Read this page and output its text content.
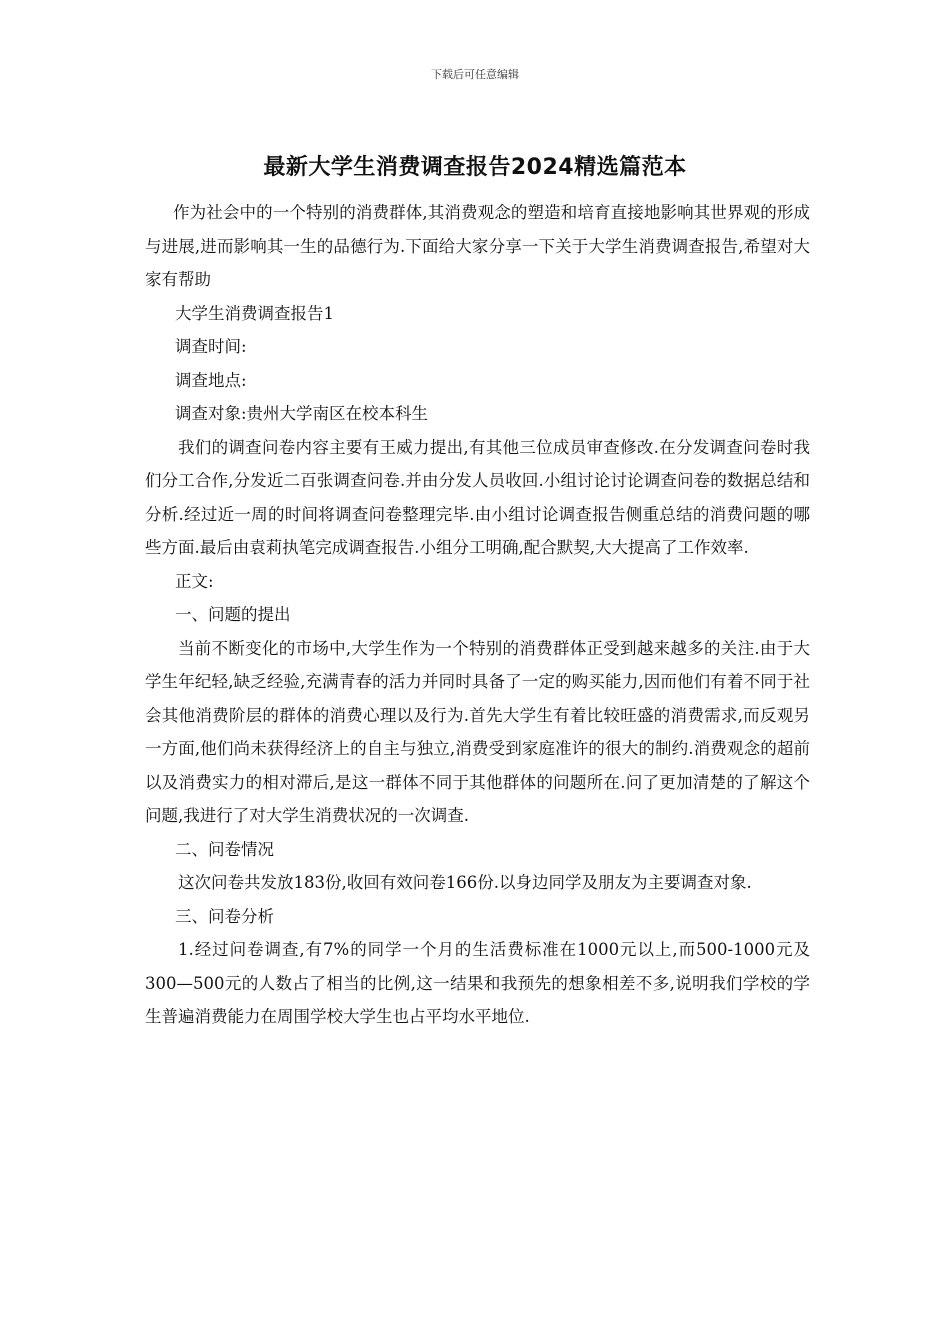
下载后可任意编辑
最新大学生消费调查报告2024精选篇范本

作为社会中的一个特别的消费群体,其消费观念的塑造和培育直接地影响其世界观的形成与进展,进而影响其一生的品德行为.下面给大家分享一下关于大学生消费调查报告,希望对大家有帮助

大学生消费调查报告1

调查时间:

调查地点:

调查对象:贵州大学南区在校本科生

我们的调查问卷内容主要有王威力提出,有其他三位成员审查修改.在分发调查问卷时我们分工合作,分发近二百张调查问卷.并由分发人员收回.小组讨论讨论调查问卷的数据总结和分析.经过近一周的时间将调查问卷整理完毕.由小组讨论调查报告侧重总结的消费问题的哪些方面.最后由袁莉执笔完成调查报告.小组分工明确,配合默契,大大提高了工作效率.

正文:

一、问题的提出

当前不断变化的市场中,大学生作为一个特别的消费群体正受到越来越多的关注.由于大学生年纪轻,缺乏经验,充满青春的活力并同时具备了一定的购买能力,因而他们有着不同于社会其他消费阶层的群体的消费心理以及行为.首先大学生有着比较旺盛的消费需求,而反观另一方面,他们尚未获得经济上的自主与独立,消费受到家庭准许的很大的制约.消费观念的超前以及消费实力的相对滞后,是这一群体不同于其他群体的问题所在.问了更加清楚的了解这个问题,我进行了对大学生消费状况的一次调查.

二、问卷情况

这次问卷共发放183份,收回有效问卷166份.以身边同学及朋友为主要调查对象.

三、问卷分析

1.经过问卷调查,有7%的同学一个月的生活费标准在1000元以上,而500-1000元及300—500元的人数占了相当的比例,这一结果和我预先的想象相差不多,说明我们学校的学生普遍消费能力在周围学校大学生也占平均水平地位.
